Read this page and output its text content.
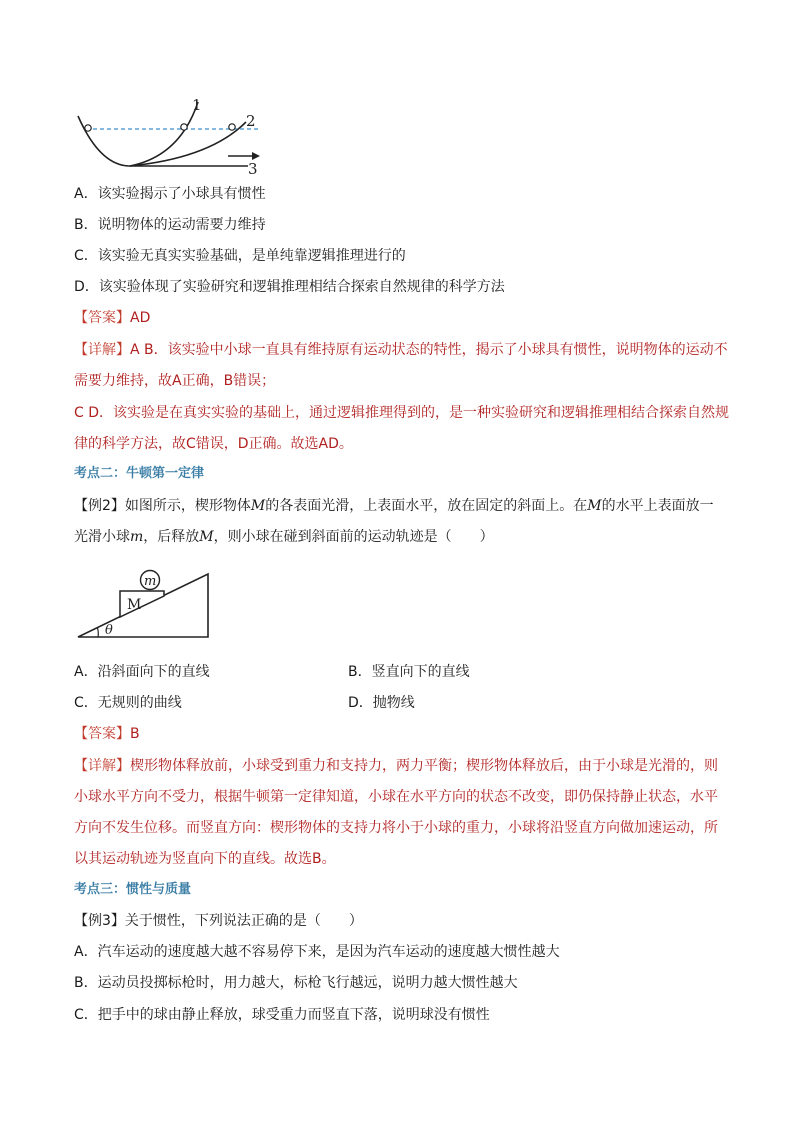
1
2
3
A．该实验揭示了小球具有惯性
B．说明物体的运动需要力维持
C．该实验无真实实验基础，是单纯靠逻辑推理进行的
D．该实验体现了实验研究和逻辑推理相结合探索自然规律的科学方法
【答案】AD
【详解】A B．该实验中小球一直具有维持原有运动状态的特性，揭示了小球具有惯性，说明物体的运动不
需要力维持，故A正确，B错误；
C D．该实验是在真实实验的基础上，通过逻辑推理得到的，是一种实验研究和逻辑推理相结合探索自然规
律的科学方法，故C错误，D正确。故选AD。
考点二：牛顿第一定律
【例2】如图所示，楔形物体M的各表面光滑，上表面水平，放在固定的斜面上。在M的水平上表面放一
光滑小球m，后释放M，则小球在碰到斜面前的运动轨迹是（　　）
m
M
θ
A．沿斜面向下的直线	B．竖直向下的直线
C．无规则的曲线	D．抛物线
【答案】B
【详解】楔形物体释放前，小球受到重力和支持力，两力平衡；楔形物体释放后，由于小球是光滑的，则
小球水平方向不受力，根据牛顿第一定律知道，小球在水平方向的状态不改变，即仍保持静止状态，水平
方向不发生位移。而竖直方向：楔形物体的支持力将小于小球的重力，小球将沿竖直方向做加速运动，所
以其运动轨迹为竖直向下的直线。故选B。
考点三：惯性与质量
【例3】关于惯性，下列说法正确的是（　　）
A．汽车运动的速度越大越不容易停下来，是因为汽车运动的速度越大惯性越大
B．运动员投掷标枪时，用力越大，标枪飞行越远，说明力越大惯性越大
C．把手中的球由静止释放，球受重力而竖直下落，说明球没有惯性
